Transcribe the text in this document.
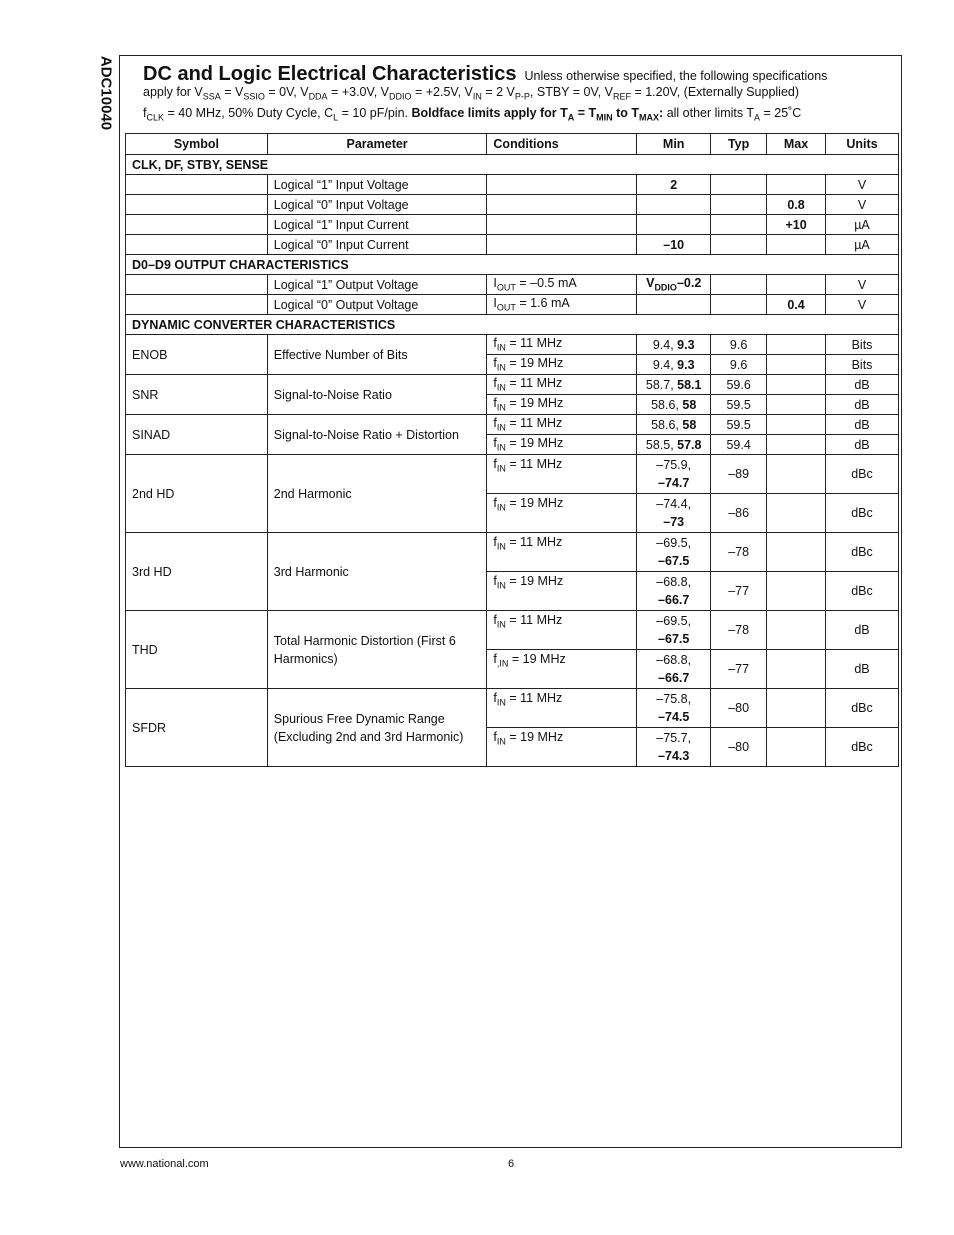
ADC10040 DC and Logic Electrical Characteristics Unless otherwise specified, the following specifications
apply for $V_{SSA} = V_{SSIO} = 0V$, $V_{DDA} = +3.0V$, $V_{DDIO} = +2.5V$, $V_{IN} = 2$ $V_{P-P}$, STBY = 0V, $V_{REF} = 1.20V$, (Externally Supplied)
$f_{CLK} = 40$ MHz, 50% Duty Cycle, $C_L = 10$ pF/pin. Boldface limits apply for $T_A = T_{MIN}$ to $T_{MAX}$: all other limits $T_A$ = 25˚C
Symbol	Parameter	Conditions	Min	Typ	Max	Units
CLK, DF, STBY, SENSE						
	Logical “1” Input Voltage		2			V
	Logical “0” Input Voltage				0.8	V
	Logical “1” Input Current				+10	µA
	Logical “0” Input Current		–10			µA
D0–D9 OUTPUT CHARACTERISTICS						
	Logical “1” Output Voltage	$I_{OUT} = -0.5$ mA	$V_{DDIO}-0.2$			V
	Logical “0” Output Voltage	$I_{OUT} = 1.6$ mA			0.4	V
DYNAMIC CONVERTER CHARACTERISTICS						
ENOB	Effective Number of Bits	$f_{IN} = 11$ MHz	9.4, 9.3	9.6		Bits
		$f_{IN} = 19$ MHz	9.4, 9.3	9.6		Bits
SNR	Signal-to-Noise Ratio	$f_{IN} = 11$ MHz	58.7, 58.1	59.6		dB
		$f_{IN} = 19$ MHz	58.6, 58	59.5		dB
SINAD	Signal-to-Noise Ratio + Distortion	$f_{IN} = 11$ MHz	58.6, 58	59.5		dB
		$f_{IN} = 19$ MHz	58.5, 57.8	59.4		dB
2nd HD	2nd Harmonic	$f_{IN} = 11$ MHz	–75.9,
–74.7	–89		dBc
		$f_{IN} = 19$ MHz	–74.4,
–73	–86		dBc
3rd HD	3rd Harmonic	$f_{IN} = 11$ MHz	–69.5,
–67.5	–78		dBc
		$f_{IN} = 19$ MHz	–68.8,
–66.7	–77		dBc
THD	Total Harmonic Distortion (First 6 Harmonics)	$f_{IN} = 11$ MHz	–69.5,
–67.5	–78		dB
		$f_{,IN} = 19$ MHz	–68.8,
–66.7	–77		dB
SFDR	Spurious Free Dynamic Range (Excluding 2nd and 3rd Harmonic)	$f_{IN} = 11$ MHz	–75.8,
–74.5	–80		dBc
		$f_{IN} = 19$ MHz	–75.7,
–74.3	–80		dBc
www.national.com	6
